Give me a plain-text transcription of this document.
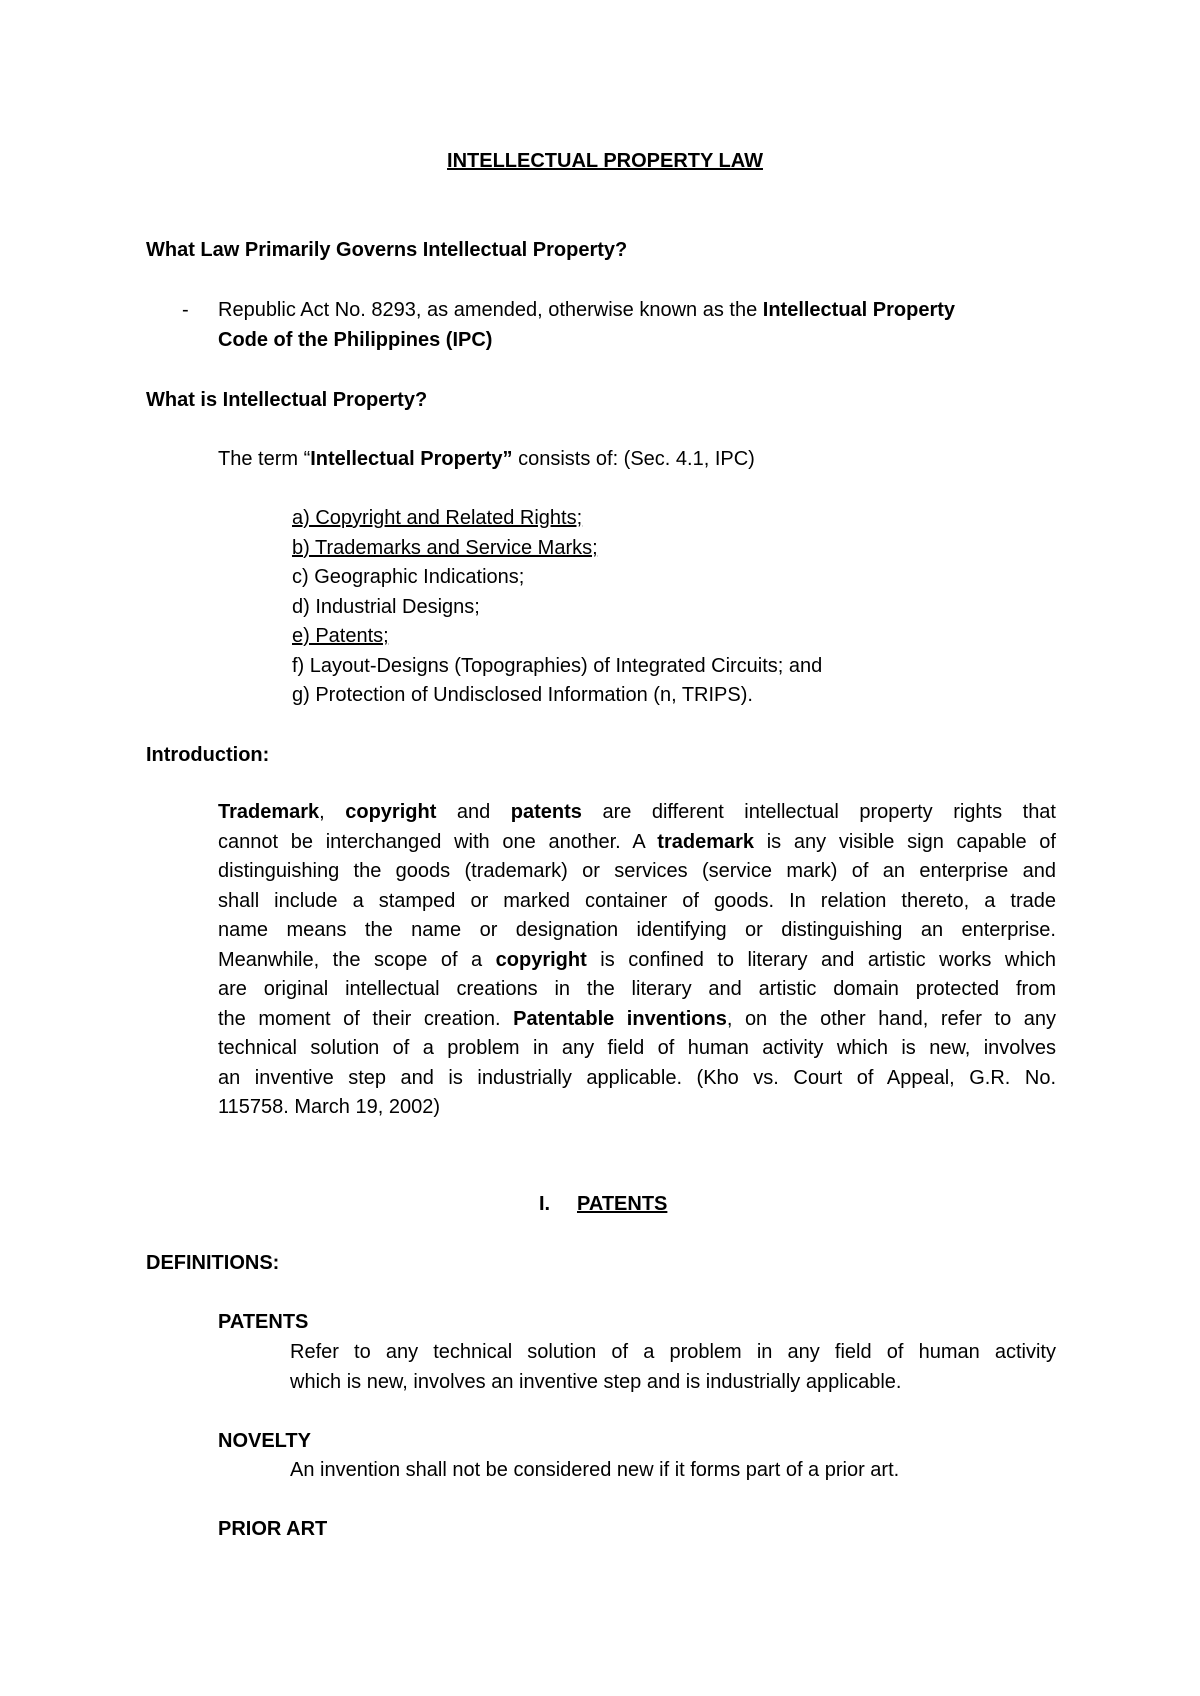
INTELLECTUAL PROPERTY LAW
What Law Primarily Governs Intellectual Property?
- Republic Act No. 8293, as amended, otherwise known as the Intellectual Property
Code of the Philippines (IPC)
What is Intellectual Property?
The term “Intellectual Property” consists of: (Sec. 4.1, IPC)
a) Copyright and Related Rights;
b) Trademarks and Service Marks;
c) Geographic Indications;
d) Industrial Designs;
e) Patents;
f) Layout-Designs (Topographies) of Integrated Circuits; and
g) Protection of Undisclosed Information (n, TRIPS).
Introduction:
Trademark, copyright and patents are different intellectual property rights that
cannot be interchanged with one another. A trademark is any visible sign capable of
distinguishing the goods (trademark) or services (service mark) of an enterprise and
shall include a stamped or marked container of goods. In relation thereto, a trade
name means the name or designation identifying or distinguishing an enterprise.
Meanwhile, the scope of a copyright is confined to literary and artistic works which
are original intellectual creations in the literary and artistic domain protected from
the moment of their creation. Patentable inventions, on the other hand, refer to any
technical solution of a problem in any field of human activity which is new, involves
an inventive step and is industrially applicable. (Kho vs. Court of Appeal, G.R. No.
115758. March 19, 2002)
I. PATENTS
DEFINITIONS:
PATENTS
Refer to any technical solution of a problem in any field of human activity
which is new, involves an inventive step and is industrially applicable.
NOVELTY
An invention shall not be considered new if it forms part of a prior art.
PRIOR ART
